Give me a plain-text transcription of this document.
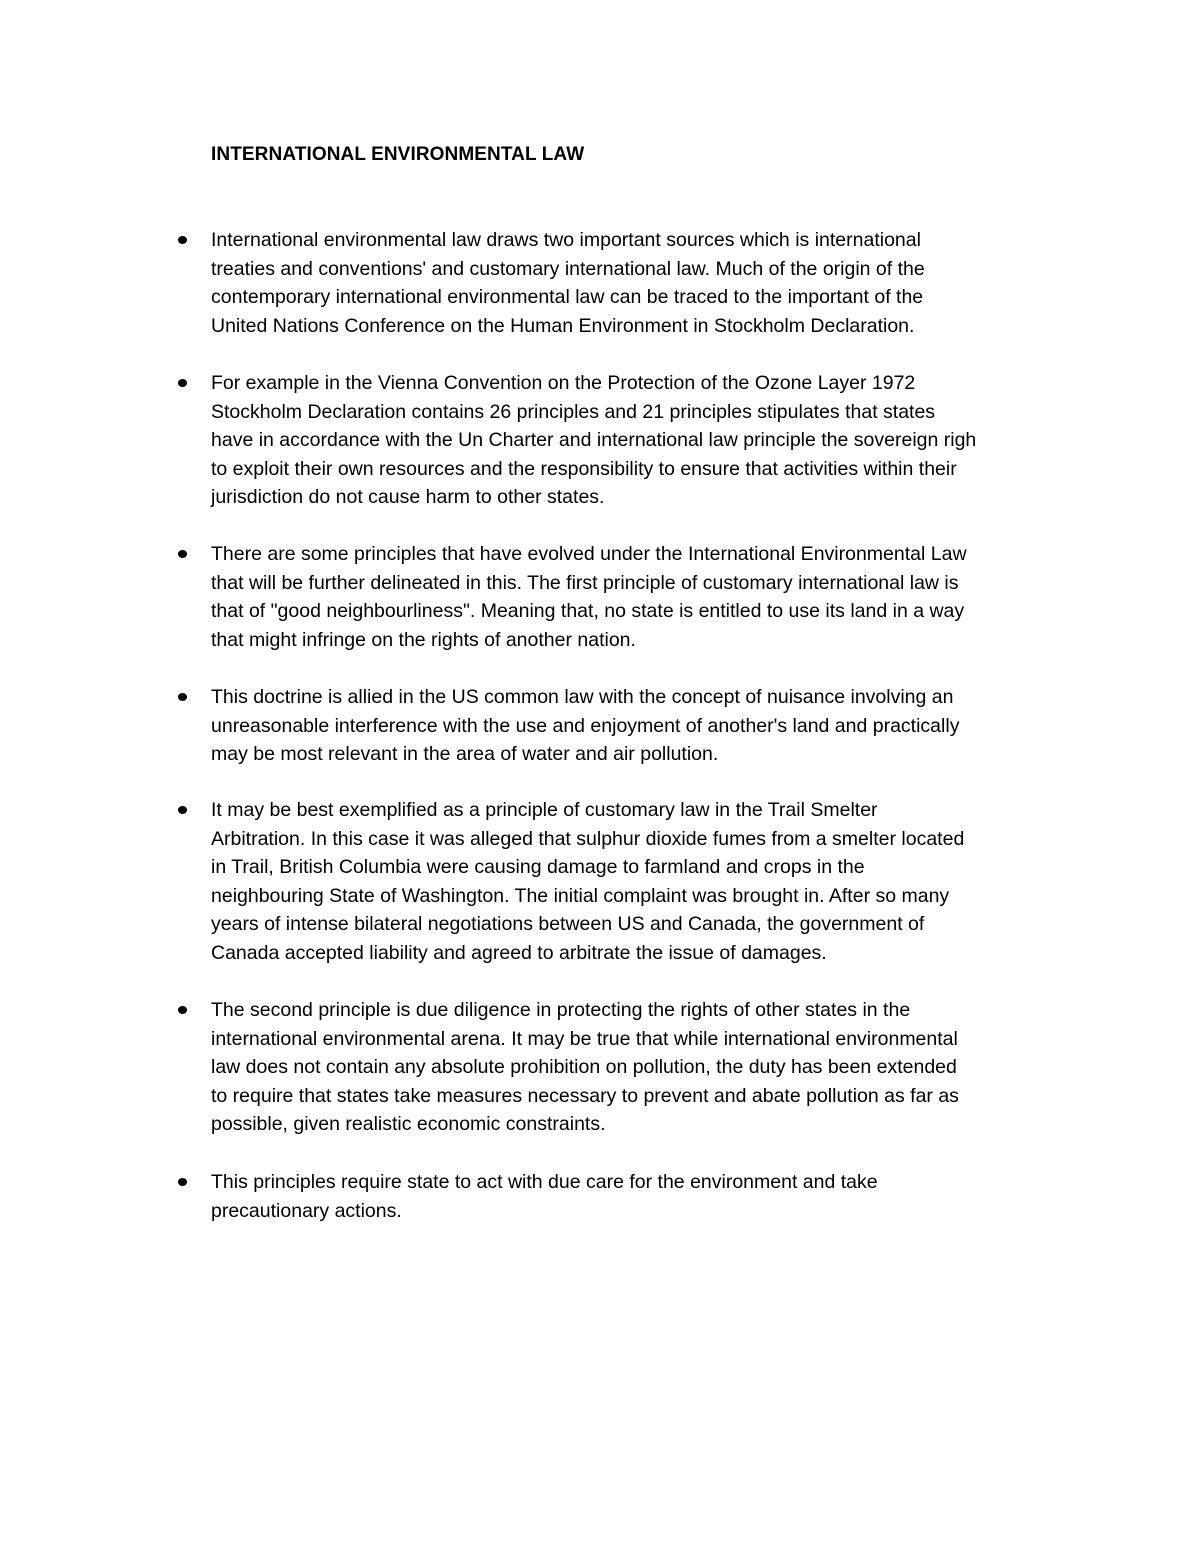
INTERNATIONAL ENVIRONMENTAL LAW
International environmental law draws two important sources which is international
treaties and conventions' and customary international law. Much of the origin of the
contemporary international environmental law can be traced to the important of the
United Nations Conference on the Human Environment in Stockholm Declaration.
For example in the Vienna Convention on the Protection of the Ozone Layer 1972
Stockholm Declaration contains 26 principles and 21 principles stipulates that states
have in accordance with the Un Charter and international law principle the sovereign righ
to exploit their own resources and the responsibility to ensure that activities within their
jurisdiction do not cause harm to other states.
There are some principles that have evolved under the International Environmental Law
that will be further delineated in this. The first principle of customary international law is
that of "good neighbourliness". Meaning that, no state is entitled to use its land in a way
that might infringe on the rights of another nation.
This doctrine is allied in the US common law with the concept of nuisance involving an
unreasonable interference with the use and enjoyment of another's land and practically
may be most relevant in the area of water and air pollution.
It may be best exemplified as a principle of customary law in the Trail Smelter
Arbitration. In this case it was alleged that sulphur dioxide fumes from a smelter located
in Trail, British Columbia were causing damage to farmland and crops in the
neighbouring State of Washington. The initial complaint was brought in. After so many
years of intense bilateral negotiations between US and Canada, the government of
Canada accepted liability and agreed to arbitrate the issue of damages.
The second principle is due diligence in protecting the rights of other states in the
international environmental arena. It may be true that while international environmental
law does not contain any absolute prohibition on pollution, the duty has been extended
to require that states take measures necessary to prevent and abate pollution as far as
possible, given realistic economic constraints.
This principles require state to act with due care for the environment and take
precautionary actions.
